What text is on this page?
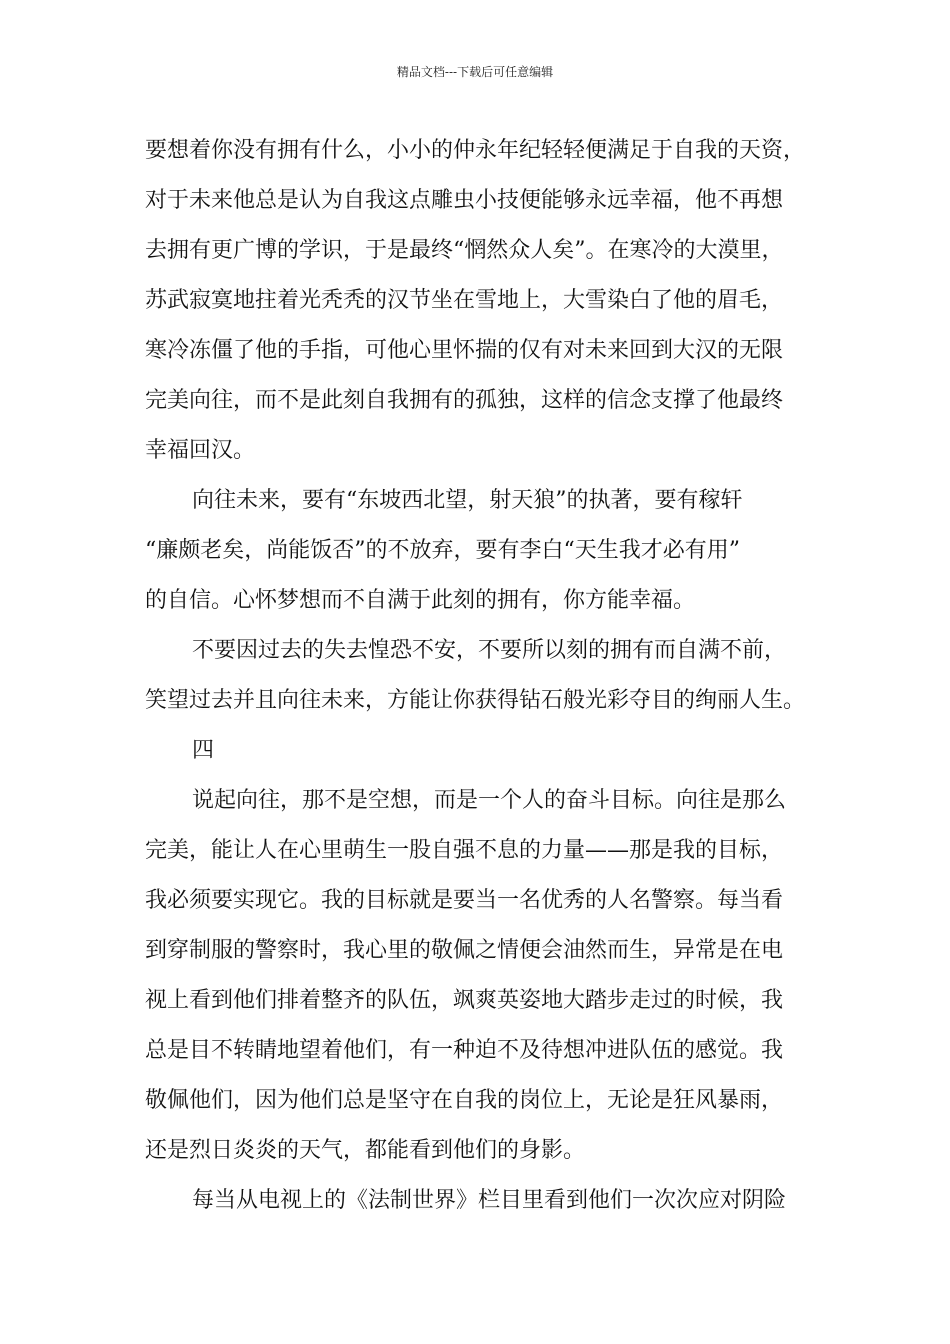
精品文档---下载后可任意编辑
要想着你没有拥有什么，小小的仲永年纪轻轻便满足于自我的天资，
对于未来他总是认为自我这点雕虫小技便能够永远幸福，他不再想
去拥有更广博的学识，于是最终“惘然众人矣”。在寒冷的大漠里，
苏武寂寞地拄着光秃秃的汉节坐在雪地上，大雪染白了他的眉毛，
寒冷冻僵了他的手指，可他心里怀揣的仅有对未来回到大汉的无限
完美向往，而不是此刻自我拥有的孤独，这样的信念支撑了他最终
幸福回汉。
向往未来，要有“东坡西北望，射天狼”的执著，要有稼轩
“廉颇老矣，尚能饭否”的不放弃，要有李白“天生我才必有用”
的自信。心怀梦想而不自满于此刻的拥有，你方能幸福。
不要因过去的失去惶恐不安，不要所以刻的拥有而自满不前，
笑望过去并且向往未来，方能让你获得钻石般光彩夺目的绚丽人生。
四
说起向往，那不是空想，而是一个人的奋斗目标。向往是那么
完美，能让人在心里萌生一股自强不息的力量——那是我的目标，
我必须要实现它。我的目标就是要当一名优秀的人名警察。每当看
到穿制服的警察时，我心里的敬佩之情便会油然而生，异常是在电
视上看到他们排着整齐的队伍，飒爽英姿地大踏步走过的时候，我
总是目不转睛地望着他们，有一种迫不及待想冲进队伍的感觉。我
敬佩他们，因为他们总是坚守在自我的岗位上，无论是狂风暴雨，
还是烈日炎炎的天气，都能看到他们的身影。
每当从电视上的《法制世界》栏目里看到他们一次次应对阴险
